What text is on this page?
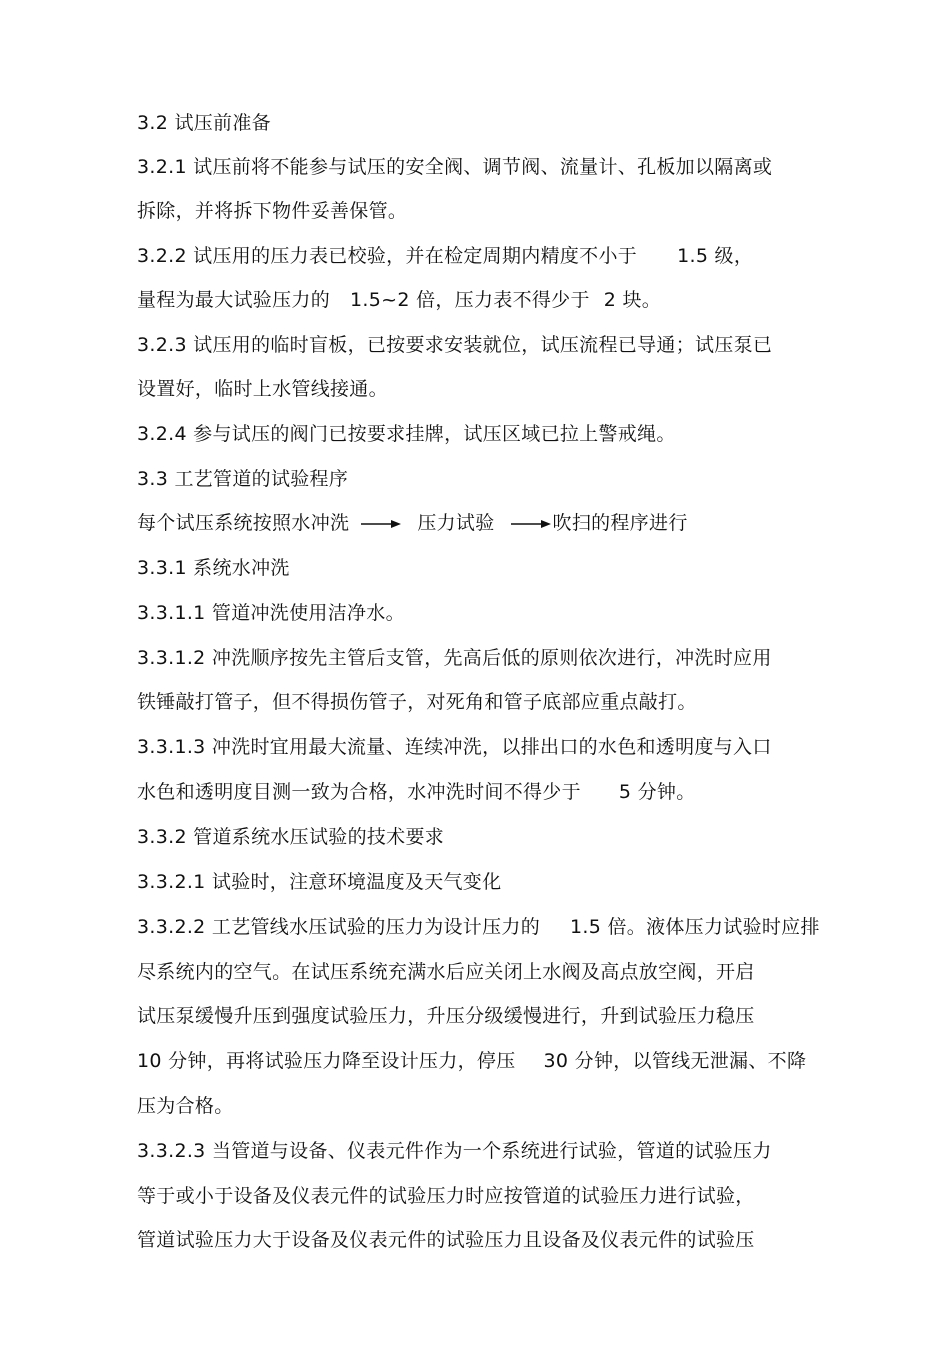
3.2 试压前准备
3.2.1 试压前将不能参与试压的安全阀、调节阀、流量计、孔板加以隔离或
拆除，并将拆下物件妥善保管。
3.2.2 试压用的压力表已校验，并在检定周期内精度不小于 1.5 级，
量程为最大试验压力的 1.5~2 倍，压力表不得少于 2 块。
3.2.3 试压用的临时盲板，已按要求安装就位，试压流程已导通；试压泵已
设置好，临时上水管线接通。
3.2.4 参与试压的阀门已按要求挂牌，试压区域已拉上警戒绳。
3.3 工艺管道的试验程序
每个试压系统按照水冲洗	压力试验	吹扫的程序进行
3.3.1 系统水冲洗
3.3.1.1 管道冲洗使用洁净水。
3.3.1.2 冲洗顺序按先主管后支管，先高后低的原则依次进行，冲洗时应用
铁锤敲打管子，但不得损伤管子，对死角和管子底部应重点敲打。
3.3.1.3 冲洗时宜用最大流量、连续冲洗，以排出口的水色和透明度与入口
水色和透明度目测一致为合格，水冲洗时间不得少于 5 分钟。
3.3.2 管道系统水压试验的技术要求
3.3.2.1 试验时，注意环境温度及天气变化
3.3.2.2 工艺管线水压试验的压力为设计压力的 1.5 倍。液体压力试验时应排
尽系统内的空气。在试压系统充满水后应关闭上水阀及高点放空阀，开启
试压泵缓慢升压到强度试验压力，升压分级缓慢进行，升到试验压力稳压
10 分钟，再将试验压力降至设计压力，停压 30 分钟，以管线无泄漏、不降
压为合格。
3.3.2.3 当管道与设备、仪表元件作为一个系统进行试验，管道的试验压力
等于或小于设备及仪表元件的试验压力时应按管道的试验压力进行试验，
管道试验压力大于设备及仪表元件的试验压力且设备及仪表元件的试验压
